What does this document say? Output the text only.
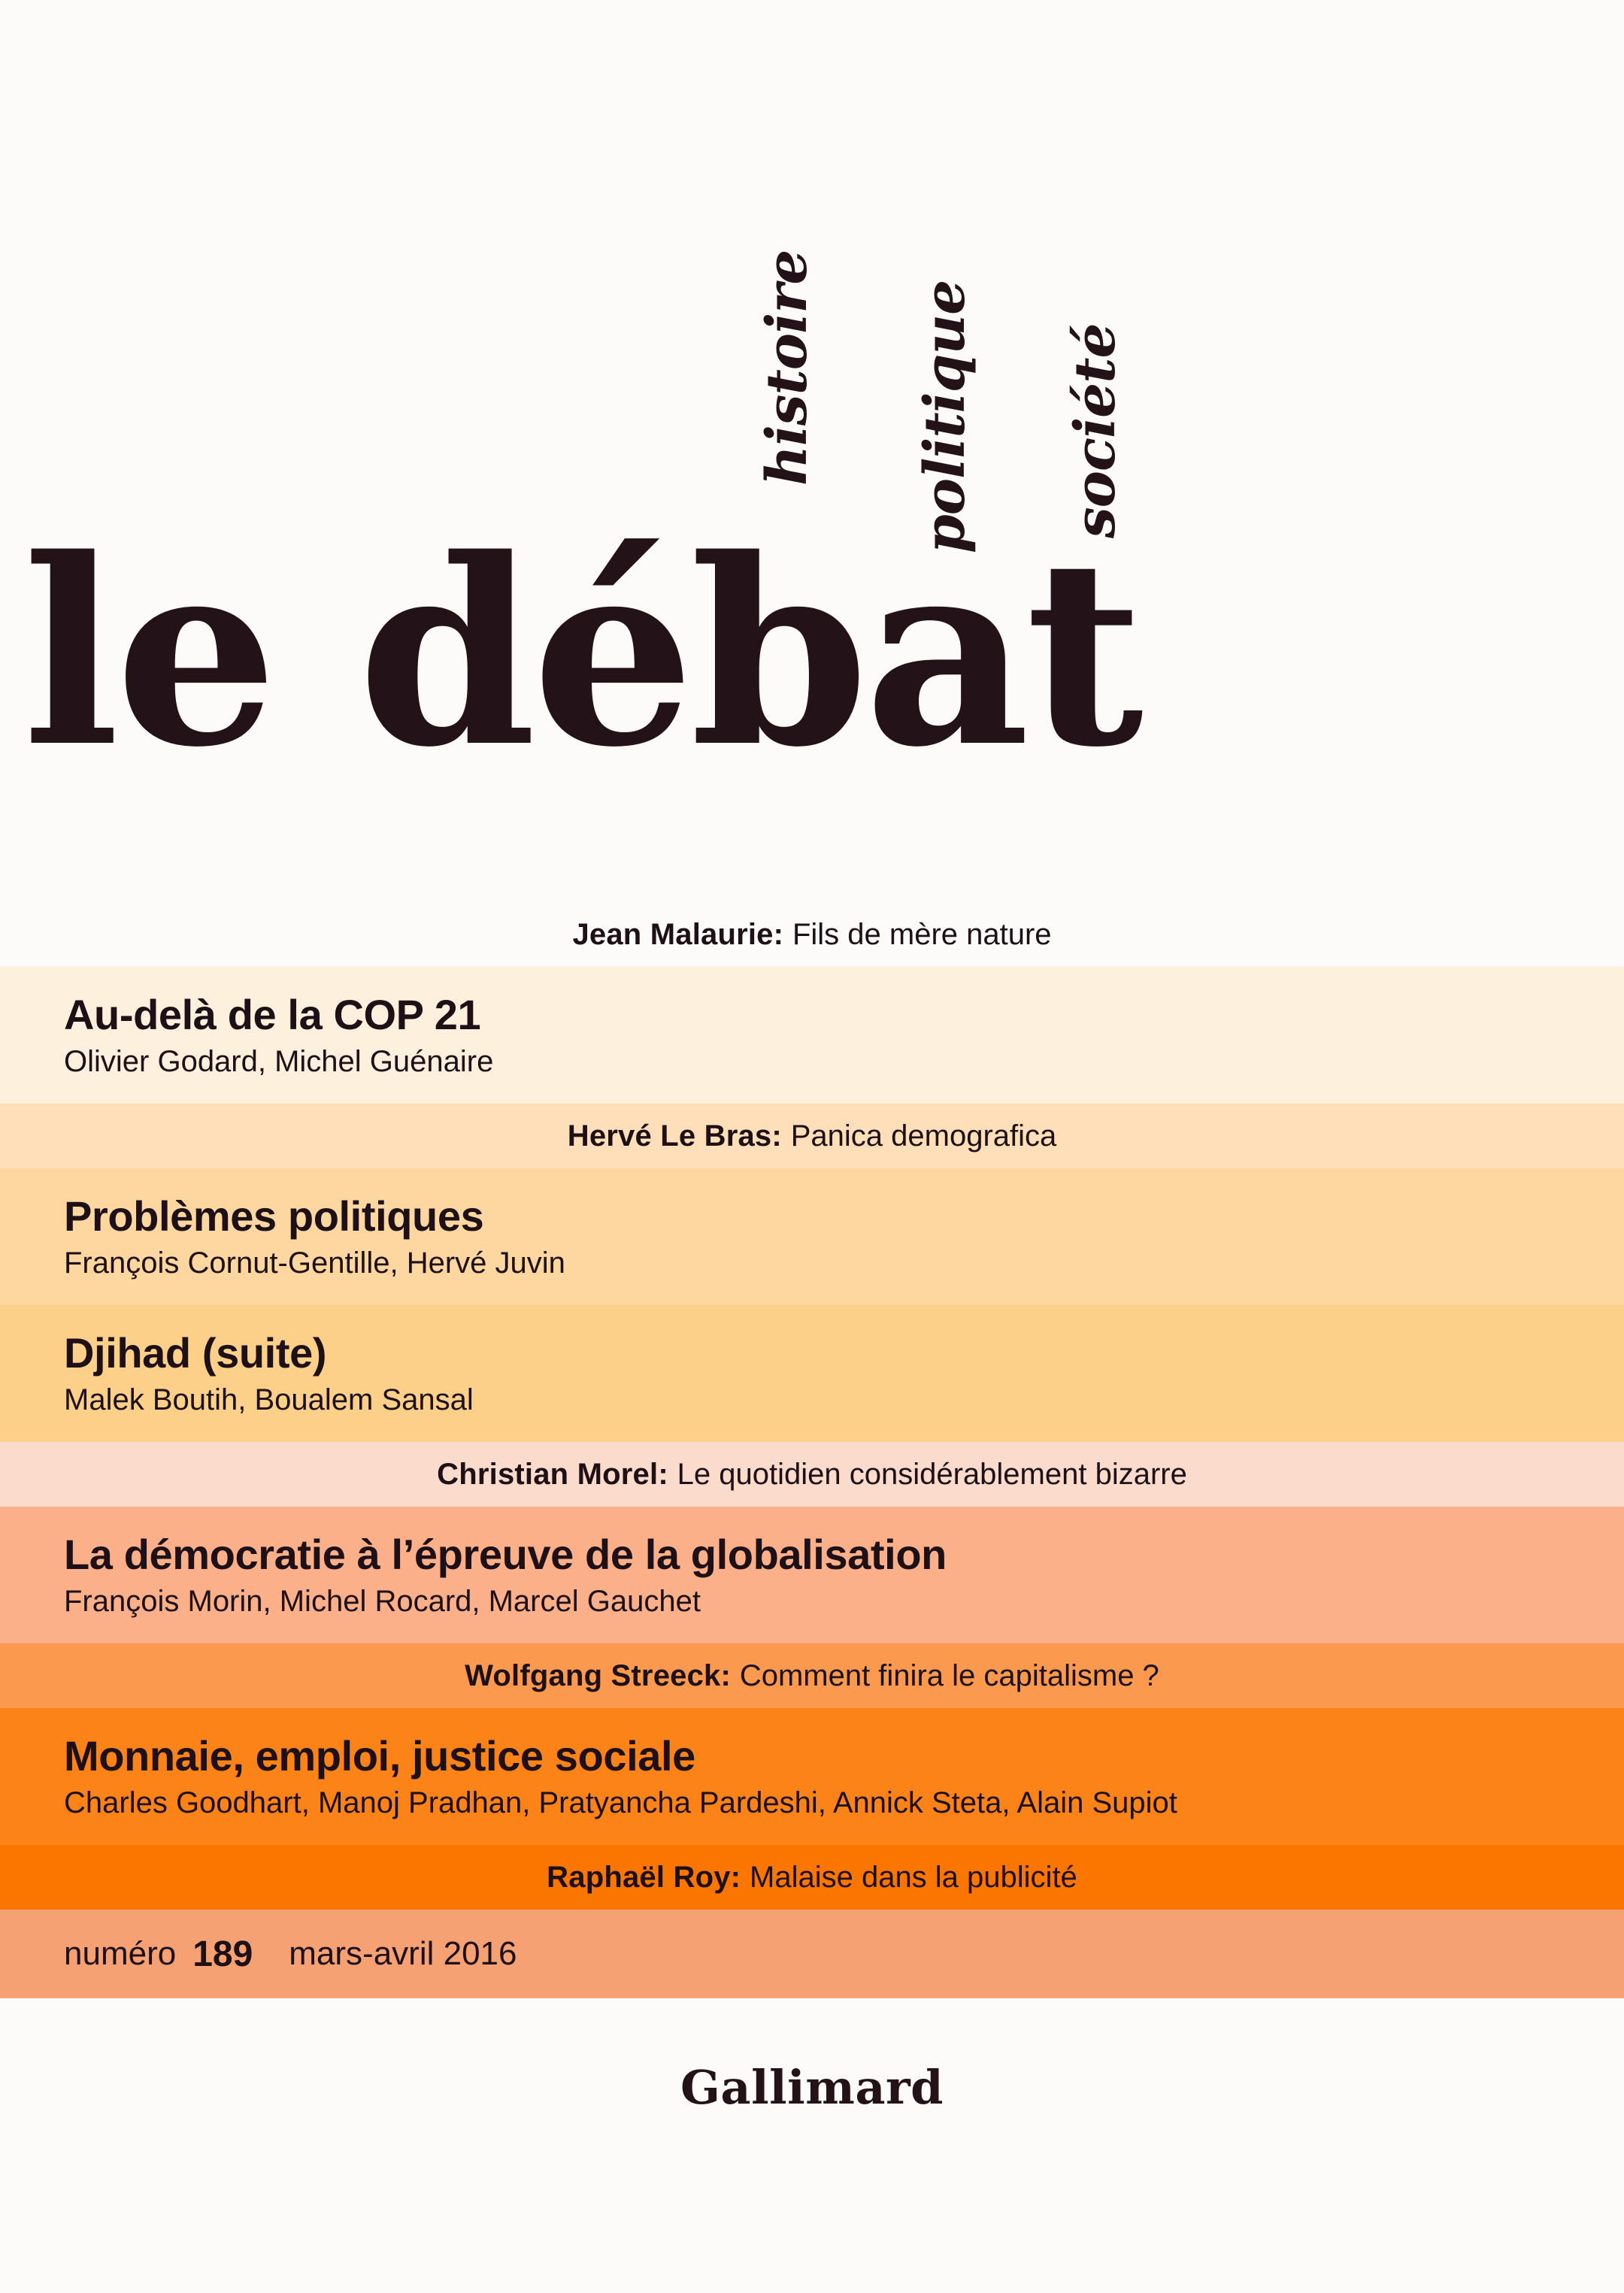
histoire politique société
le débat
Jean Malaurie : Fils de mère nature
Au-delà de la COP 21
Olivier Godard, Michel Guénaire
Hervé Le Bras : Panica demografica
Problèmes politiques
François Cornut-Gentille, Hervé Juvin
Djihad (suite)
Malek Boutih, Boualem Sansal
Christian Morel : Le quotidien considérablement bizarre
La démocratie à l’épreuve de la globalisation
François Morin, Michel Rocard, Marcel Gauchet
Wolfgang Streeck : Comment finira le capitalisme ?
Monnaie, emploi, justice sociale
Charles Goodhart, Manoj Pradhan, Pratyancha Pardeshi, Annick Steta, Alain Supiot
Raphaël Roy : Malaise dans la publicité
numéro 189	mars-avril 2016
Gallimard
